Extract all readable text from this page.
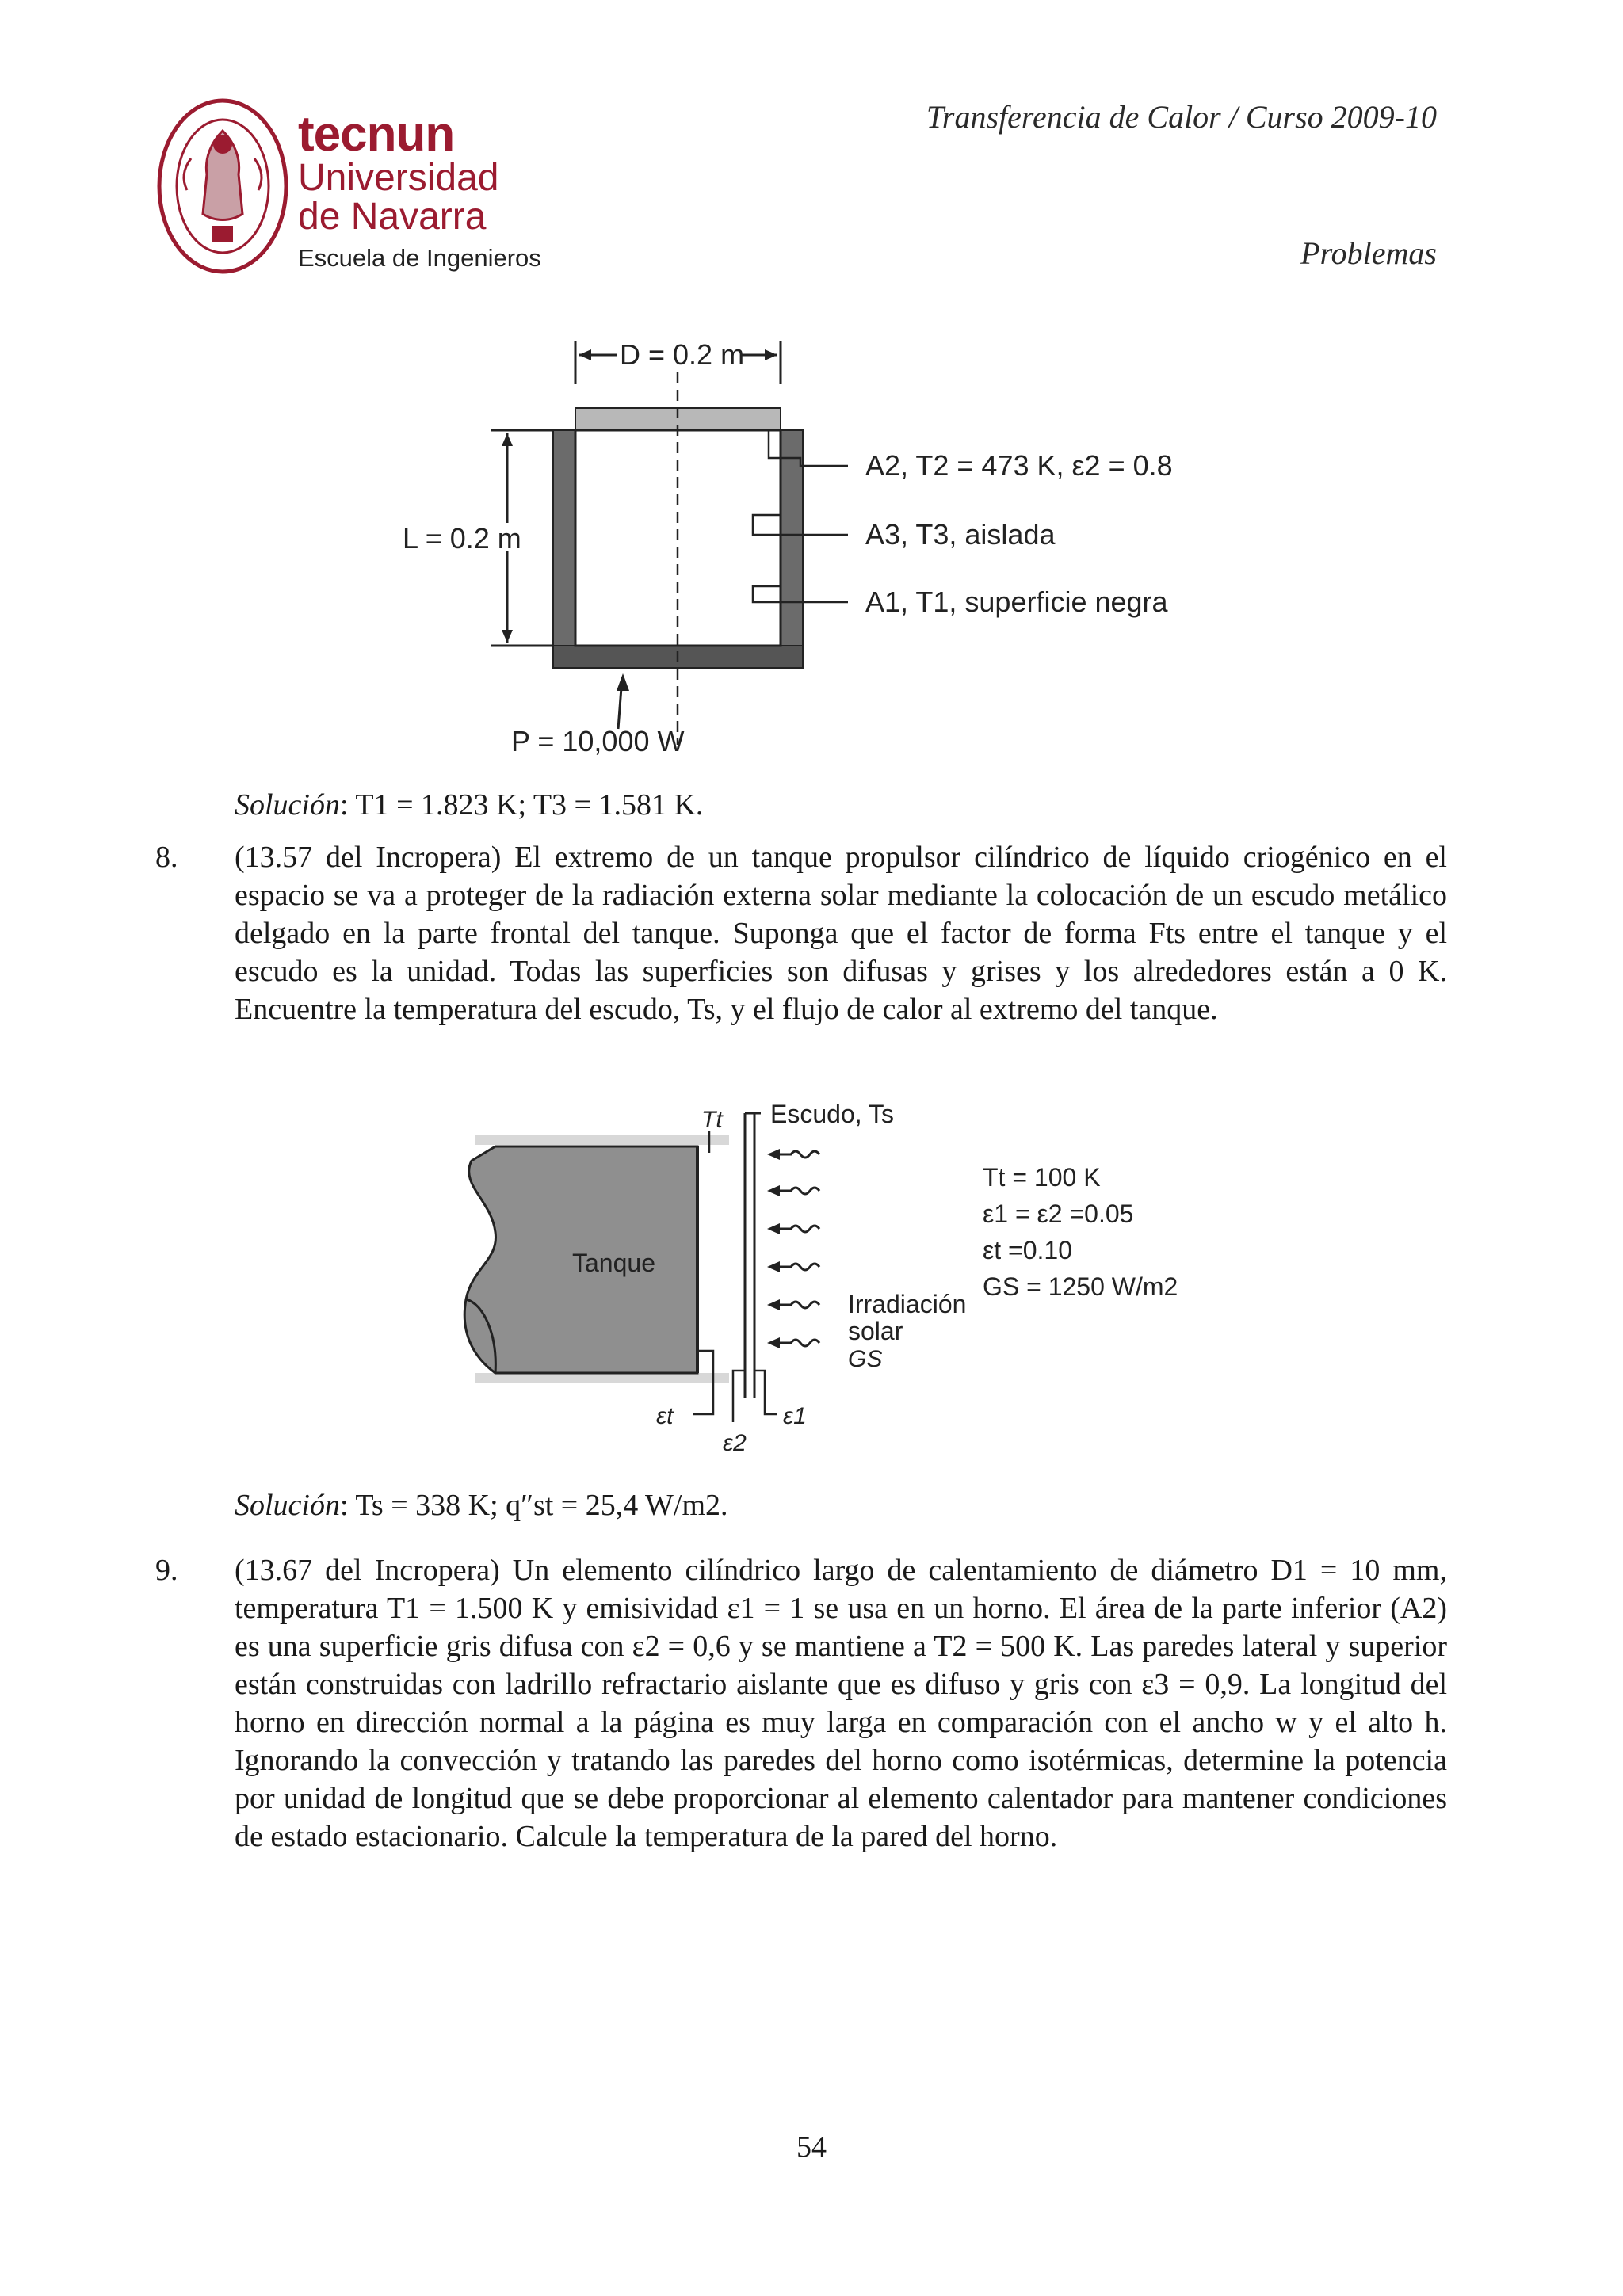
tecnun
Universidad
de Navarra
Escuela de Ingenieros
Transferencia de Calor / Curso 2009-10
Problemas
D = 0.2 m
L = 0.2 m
A2, T2 = 473 K, ε2 = 0.8
A3, T3, aislada
A1, T1, superficie negra
P = 10,000 W
Solución: T1 = 1.823 K; T3 = 1.581 K.
8. (13.57 del Incropera) El extremo de un tanque propulsor cilíndrico de líquido criogénico en el espacio se va a proteger de la radiación externa solar mediante la colocación de un escudo metálico delgado en la parte frontal del tanque. Suponga que el factor de forma Fts entre el tanque y el escudo es la unidad. Todas las superficies son difusas y grises y los alrededores están a 0 K. Encuentre la temperatura del escudo, Ts, y el flujo de calor al extremo del tanque.
Tanque
Tt Escudo, Ts
Tt = 100 K
ε1 = ε2 =0.05
εt =0.10
GS = 1250 W/m2
Irradiación
solar
GS
εt	ε1
ε2
Solución: Ts = 338 K; q″st = 25,4 W/m2.
9. (13.67 del Incropera) Un elemento cilíndrico largo de calentamiento de diámetro D1 = 10 mm, temperatura T1 = 1.500 K y emisividad ε1 = 1 se usa en un horno. El área de la parte inferior (A2) es una superficie gris difusa con ε2 = 0,6 y se mantiene a T2 = 500 K. Las paredes lateral y superior están construidas con ladrillo refractario aislante que es difuso y gris con ε3 = 0,9. La longitud del horno en dirección normal a la página es muy larga en comparación con el ancho w y el alto h. Ignorando la convección y tratando las paredes del horno como isotérmicas, determine la potencia por unidad de longitud que se debe proporcionar al elemento calentador para mantener condiciones de estado estacionario. Calcule la temperatura de la pared del horno.
54
